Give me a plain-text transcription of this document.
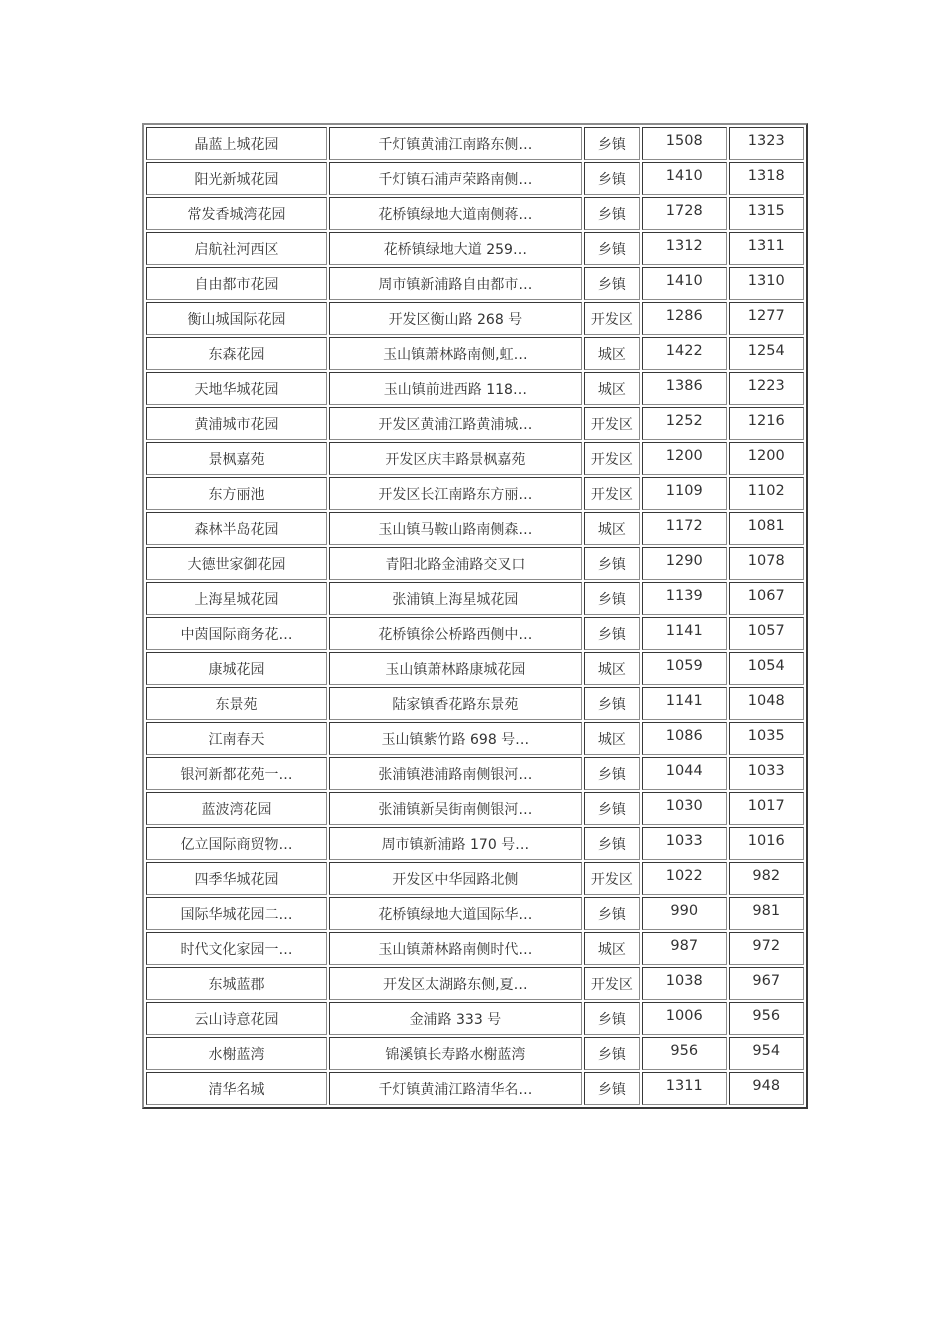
晶蓝上城花园	千灯镇黄浦江南路东侧…	乡镇	1508	1323
阳光新城花园	千灯镇石浦声荣路南侧…	乡镇	1410	1318
常发香城湾花园	花桥镇绿地大道南侧蒋…	乡镇	1728	1315
启航社河西区	花桥镇绿地大道 259…	乡镇	1312	1311
自由都市花园	周市镇新浦路自由都市…	乡镇	1410	1310
衡山城国际花园	开发区衡山路 268 号	开发区	1286	1277
东森花园	玉山镇萧林路南侧,虹…	城区	1422	1254
天地华城花园	玉山镇前进西路 118…	城区	1386	1223
黄浦城市花园	开发区黄浦江路黄浦城…	开发区	1252	1216
景枫嘉苑	开发区庆丰路景枫嘉苑	开发区	1200	1200
东方丽池	开发区长江南路东方丽…	开发区	1109	1102
森林半岛花园	玉山镇马鞍山路南侧森…	城区	1172	1081
大德世家御花园	青阳北路金浦路交叉口	乡镇	1290	1078
上海星城花园	张浦镇上海星城花园	乡镇	1139	1067
中茵国际商务花…	花桥镇徐公桥路西侧中…	乡镇	1141	1057
康城花园	玉山镇萧林路康城花园	城区	1059	1054
东景苑	陆家镇香花路东景苑	乡镇	1141	1048
江南春天	玉山镇紫竹路 698 号…	城区	1086	1035
银河新都花苑一…	张浦镇港浦路南侧银河…	乡镇	1044	1033
蓝波湾花园	张浦镇新吴街南侧银河…	乡镇	1030	1017
亿立国际商贸物…	周市镇新浦路 170 号…	乡镇	1033	1016
四季华城花园	开发区中华园路北侧	开发区	1022	982
国际华城花园二…	花桥镇绿地大道国际华…	乡镇	990	981
时代文化家园一…	玉山镇萧林路南侧时代…	城区	987	972
东城蓝郡	开发区太湖路东侧,夏…	开发区	1038	967
云山诗意花园	金浦路 333 号	乡镇	1006	956
水榭蓝湾	锦溪镇长寿路水榭蓝湾	乡镇	956	954
清华名城	千灯镇黄浦江路清华名…	乡镇	1311	948
